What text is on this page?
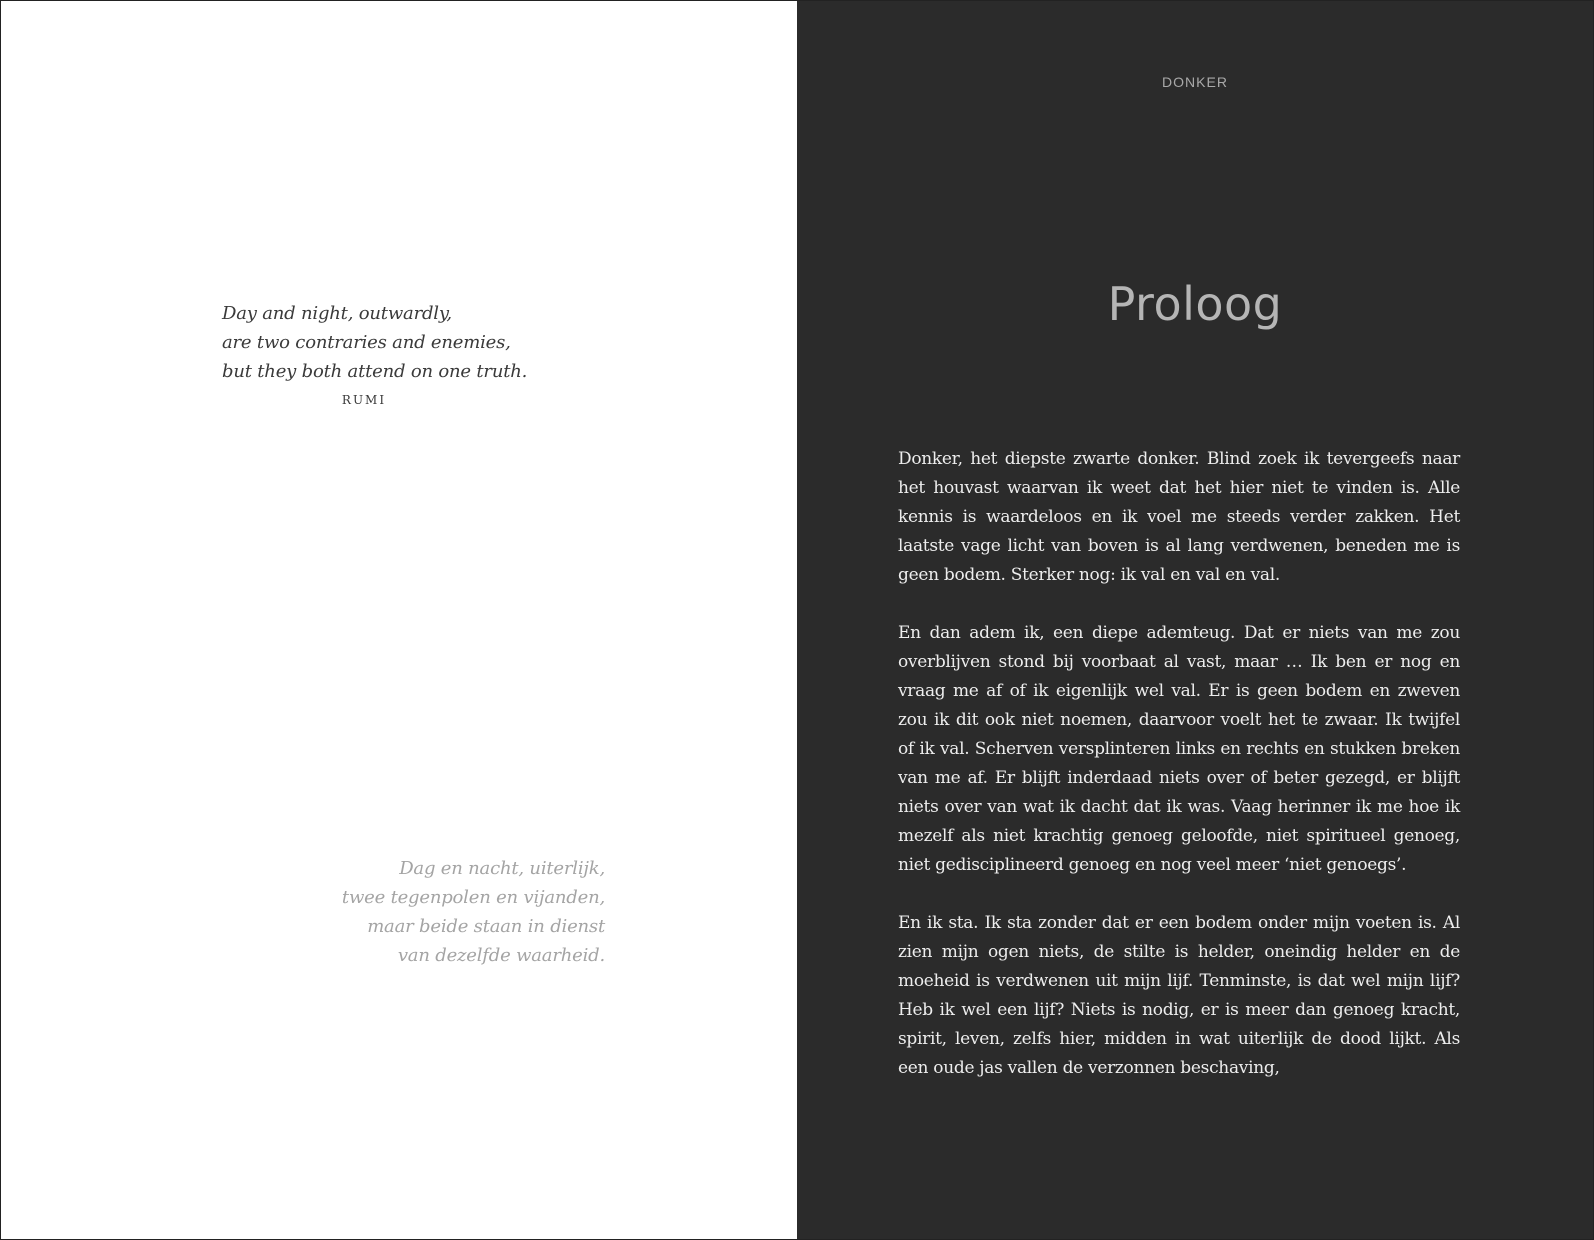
Day and night, outwardly,
are two contraries and enemies,
but they both attend on one truth.
RUMI
Dag en nacht, uiterlijk,
twee tegenpolen en vijanden,
maar beide staan in dienst
van dezelfde waarheid.
DONKER
Proloog

Donker, het diepste zwarte donker. Blind zoek ik tevergeefs naar het houvast waarvan ik weet dat het hier niet te vinden is. Alle kennis is waardeloos en ik voel me steeds verder zakken. Het laatste vage licht van boven is al lang verdwenen, beneden me is geen bodem. Sterker nog: ik val en val en val.

En dan adem ik, een diepe ademteug. Dat er niets van me zou overblijven stond bij voorbaat al vast, maar … Ik ben er nog en vraag me af of ik eigenlijk wel val. Er is geen bodem en zweven zou ik dit ook niet noemen, daarvoor voelt het te zwaar. Ik twijfel of ik val. Scherven versplinteren links en rechts en stukken breken van me af. Er blijft inderdaad niets over of beter gezegd, er blijft niets over van wat ik dacht dat ik was. Vaag herinner ik me hoe ik mezelf als niet krachtig genoeg geloofde, niet spiritueel genoeg, niet gedisciplineerd genoeg en nog veel meer ‘niet genoegs’.

En ik sta. Ik sta zonder dat er een bodem onder mijn voeten is. Al zien mijn ogen niets, de stilte is helder, oneindig helder en de moeheid is verdwenen uit mijn lijf. Tenminste, is dat wel mijn lijf? Heb ik wel een lijf? Niets is nodig, er is meer dan genoeg kracht, spirit, leven, zelfs hier, midden in wat uiterlijk de dood lijkt. Als een oude jas vallen de verzonnen beschaving,
